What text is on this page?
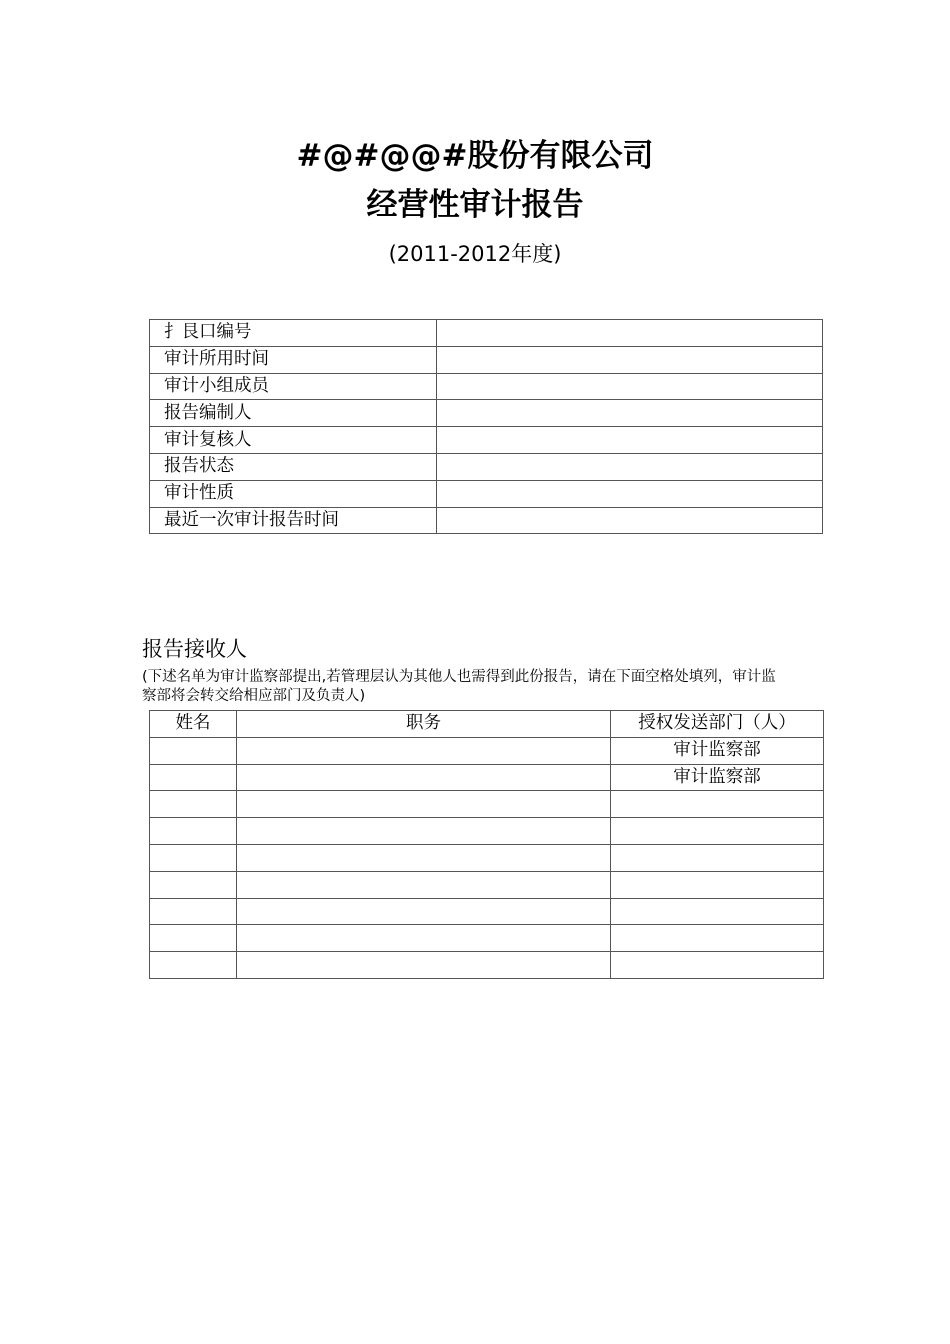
#@#@@#股份有限公司
经营性审计报告
(2011-2012年度)
扌艮口编号	
审计所用时间	
审计小组成员	
报告编制人	
审计复核人	
报告状态	
审计性质	
最近一次审计报告时间	
报告接收人
(下述名单为审计监察部提出,若管理层认为其他人也需得到此份报告，请在下面空格处填列，审计监察部将会转交给相应部门及负责人)
姓名	职务	授权发送部门（人）
		审计监察部
		审计监察部
